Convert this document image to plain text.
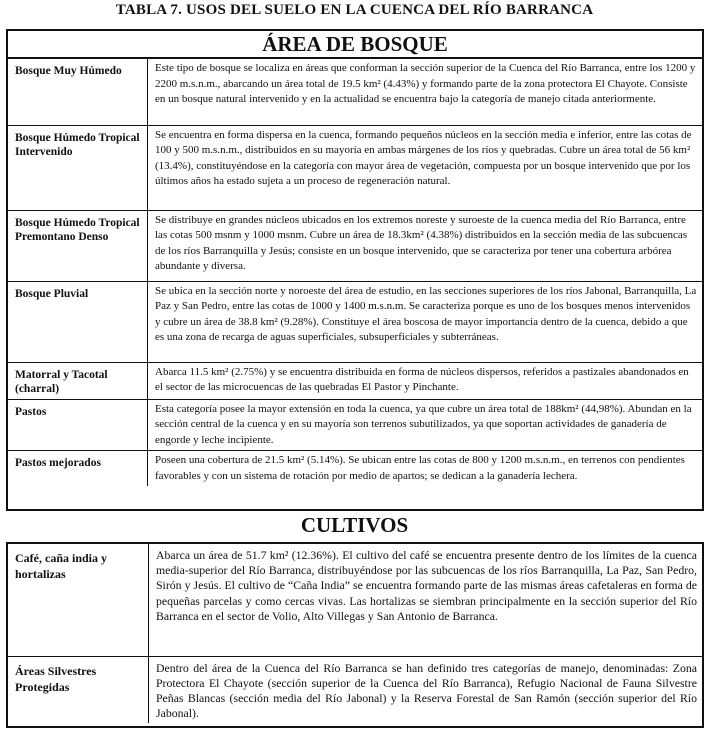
TABLA 7. USOS DEL SUELO EN LA CUENCA DEL RÍO BARRANCA
ÁREA DE BOSQUE
Bosque Muy Húmedo	Este tipo de bosque se localiza en áreas que conforman la sección superior de la Cuenca del Río Barranca, entre los 1200 y 2200 m.s.n.m., abarcando un área total de 19.5 km² (4.43%) y formando parte de la zona protectora El Chayote. Consiste en un bosque natural intervenido y en la actualidad se encuentra bajo la categoría de manejo citada anteriormente.
Bosque Húmedo Tropical Intervenido	Se encuentra en forma dispersa en la cuenca, formando pequeños núcleos en la sección media e inferior, entre las cotas de 100 y 500 m.s.n.m., distribuidos en su mayoría en ambas márgenes de los ríos y quebradas. Cubre un área total de 56 km² (13.4%), constituyéndose en la categoría con mayor área de vegetación, compuesta por un bosque intervenido que por los últimos años ha estado sujeta a un proceso de regeneración natural.
Bosque Húmedo Tropical Premontano Denso	Se distribuye en grandes núcleos ubicados en los extremos noreste y suroeste de la cuenca media del Río Barranca, entre las cotas 500 msnm y 1000 msnm. Cubre un área de 18.3km² (4.38%) distribuidos en la sección media de las subcuencas de los ríos Barranquilla y Jesús; consiste en un bosque intervenido, que se caracteriza por tener una cobertura arbórea abundante y diversa.
Bosque Pluvial	Se ubica en la sección norte y noroeste del área de estudio, en las secciones superiores de los ríos Jabonal, Barranquilla, La Paz y San Pedro, entre las cotas de 1000 y 1400 m.s.n.m. Se caracteriza porque es uno de los bosques menos intervenidos y cubre un área de 38.8 km² (9.28%). Constituye el área boscosa de mayor importancia dentro de la cuenca, debido a que es una zona de recarga de aguas superficiales, subsuperficiales y subterráneas.
Matorral y Tacotal (charral)	Abarca 11.5 km² (2.75%) y se encuentra distribuida en forma de núcleos dispersos, referidos a pastizales abandonados en el sector de las microcuencas de las quebradas El Pastor y Pinchante.
Pastos	Esta categoría posee la mayor extensión en toda la cuenca, ya que cubre un área total de 188km² (44,98%). Abundan en la sección central de la cuenca y en su mayoría son terrenos subutilizados, ya que soportan actividades de ganadería de engorde y leche incipiente.
Pastos mejorados	Poseen una cobertura de 21.5 km² (5.14%). Se ubican entre las cotas de 800 y 1200 m.s.n.m., en terrenos con pendientes favorables y con un sistema de rotación por medio de apartos; se dedican a la ganadería lechera.
CULTIVOS
Café, caña india y hortalizas	Abarca un área de 51.7 km² (12.36%). El cultivo del café se encuentra presente dentro de los límites de la cuenca media-superior del Río Barranca, distribuyéndose por las subcuencas de los ríos Barranquilla, La Paz, San Pedro, Sirón y Jesús. El cultivo de “Caña India” se encuentra formando parte de las mismas áreas cafetaleras en forma de pequeñas parcelas y como cercas vivas. Las hortalizas se siembran principalmente en la sección superior del Río Barranca en el sector de Volio, Alto Villegas y San Antonio de Barranca.
Áreas Silvestres Protegidas	Dentro del área de la Cuenca del Río Barranca se han definido tres categorías de manejo, denominadas: Zona Protectora El Chayote (sección superior de la Cuenca del Río Barranca), Refugio Nacional de Fauna Silvestre Peñas Blancas (sección media del Río Jabonal) y la Reserva Forestal de San Ramón (sección superior del Río Jabonal).
